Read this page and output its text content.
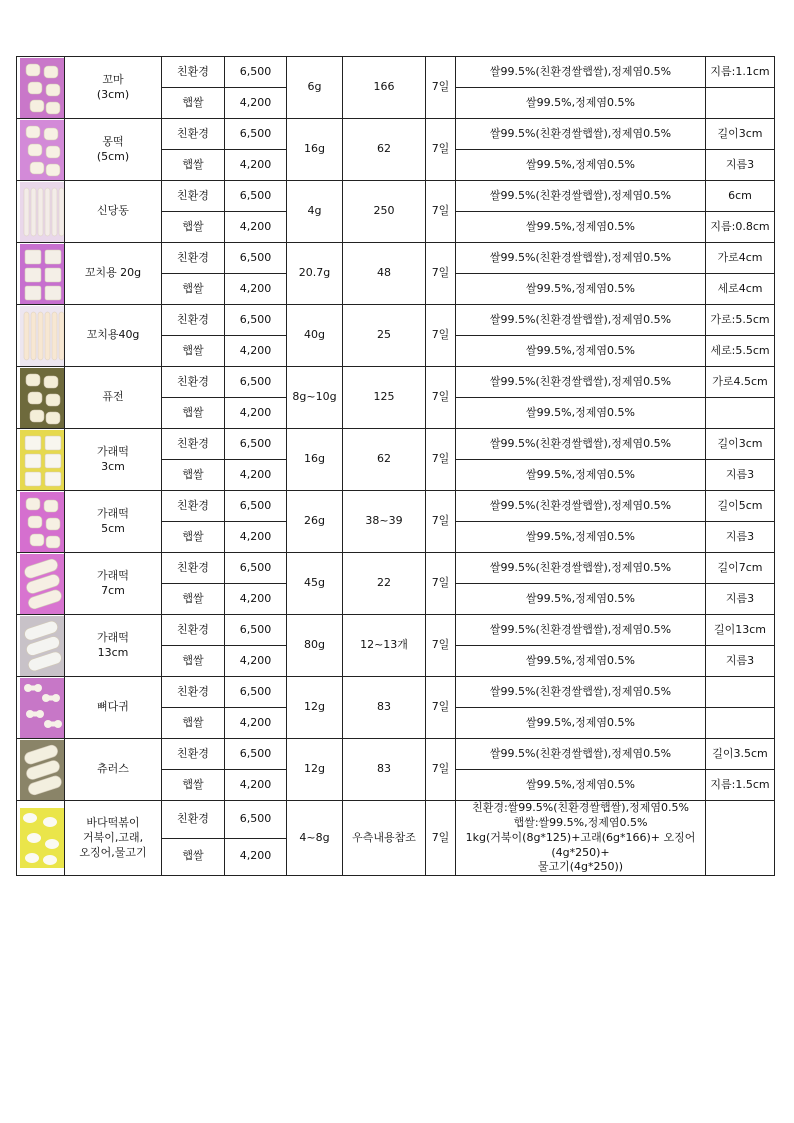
꼬마
(3cm)	친환경	6,500	6g	166	7일	쌀99.5%(친환경쌀햅쌀),정제염0.5%	지름:1.1cm
		햅쌀	4,200				쌀99.5%,정제염0.5%	

몽떡
(5cm)	친환경	6,500	16g	62	7일	쌀99.5%(친환경쌀햅쌀),정제염0.5%	길이3cm
		햅쌀	4,200				쌀99.5%,정제염0.5%	지름3

신당동	친환경	6,500	4g	250	7일	쌀99.5%(친환경쌀햅쌀),정제염0.5%	6cm
		햅쌀	4,200				쌀99.5%,정제염0.5%	지름:0.8cm

꼬치용 20g	친환경	6,500	20.7g	48	7일	쌀99.5%(친환경쌀햅쌀),정제염0.5%	가로4cm
		햅쌀	4,200				쌀99.5%,정제염0.5%	세로4cm

꼬치용40g	친환경	6,500	40g	25	7일	쌀99.5%(친환경쌀햅쌀),정제염0.5%	가로:5.5cm
		햅쌀	4,200				쌀99.5%,정제염0.5%	세로:5.5cm

퓨전	친환경	6,500	8g~10g	125	7일	쌀99.5%(친환경쌀햅쌀),정제염0.5%	가로4.5cm
		햅쌀	4,200				쌀99.5%,정제염0.5%	

가래떡
3cm	친환경	6,500	16g	62	7일	쌀99.5%(친환경쌀햅쌀),정제염0.5%	길이3cm
		햅쌀	4,200				쌀99.5%,정제염0.5%	지름3

가래떡
5cm	친환경	6,500	26g	38~39	7일	쌀99.5%(친환경쌀햅쌀),정제염0.5%	길이5cm
		햅쌀	4,200				쌀99.5%,정제염0.5%	지름3

가래떡
7cm	친환경	6,500	45g	22	7일	쌀99.5%(친환경쌀햅쌀),정제염0.5%	길이7cm
		햅쌀	4,200				쌀99.5%,정제염0.5%	지름3

가래떡
13cm	친환경	6,500	80g	12~13개	7일	쌀99.5%(친환경쌀햅쌀),정제염0.5%	길이13cm
		햅쌀	4,200				쌀99.5%,정제염0.5%	지름3

뼈다귀	친환경	6,500	12g	83	7일	쌀99.5%(친환경쌀햅쌀),정제염0.5%	
		햅쌀	4,200				쌀99.5%,정제염0.5%	

츄러스	친환경	6,500	12g	83	7일	쌀99.5%(친환경쌀햅쌀),정제염0.5%	길이3.5cm
		햅쌀	4,200				쌀99.5%,정제염0.5%	지름:1.5cm

바다떡볶이
거북이,고래,
오징어,물고기	친환경	6,500	4~8g	우측내용참조	7일	친환경:쌀99.5%(친환경쌀햅쌀),정제염0.5%
햅쌀:쌀99.5%,정제염0.5%
1kg(거북이(8g*125)+고래(6g*166)+ 오징어(4g*250)+
물고기(4g*250))	

		햅쌀	4,200					
